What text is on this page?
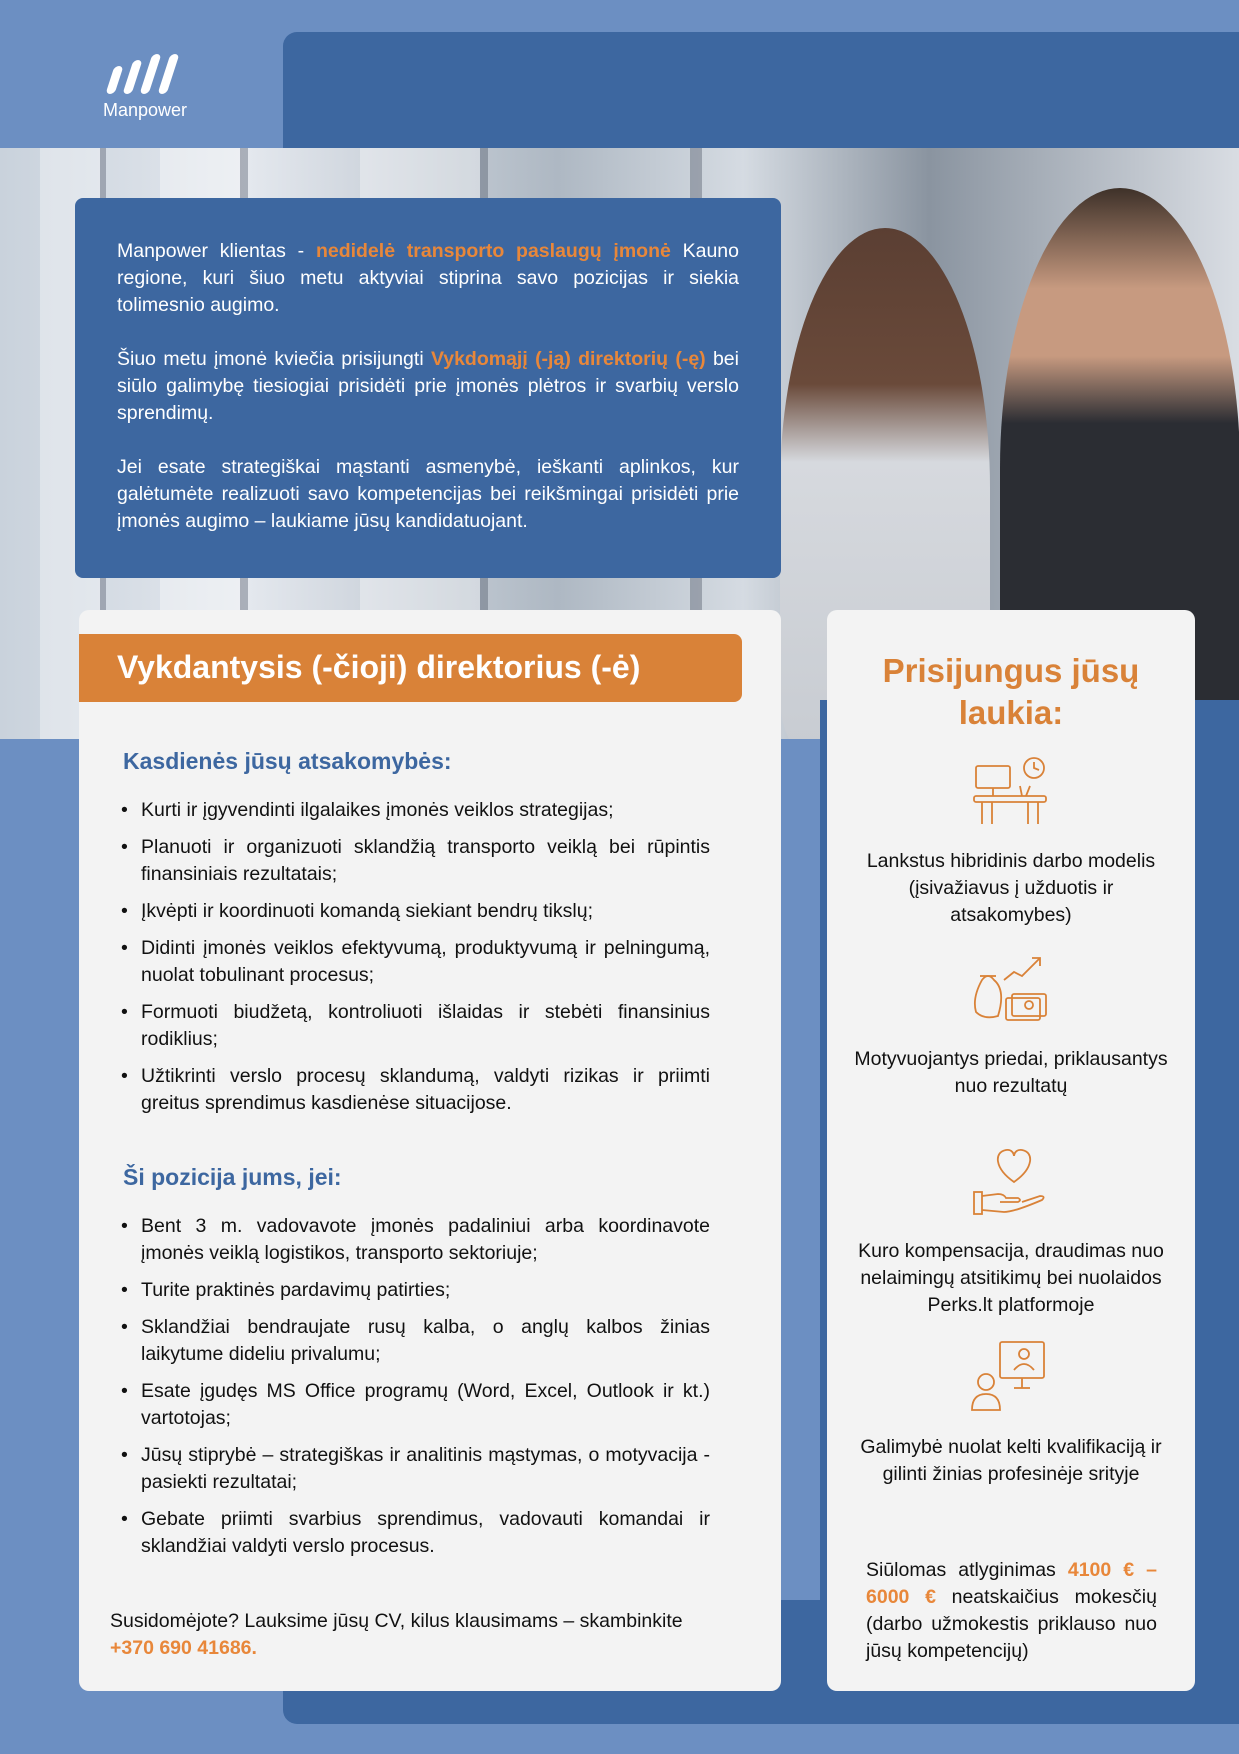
Manpower

Manpower klientas - nedidelė transporto paslaugų įmonė Kauno regione, kuri šiuo metu aktyviai stiprina savo pozicijas ir siekia tolimesnio augimo.

Šiuo metu įmonė kviečia prisijungti Vykdomąjį (-ją) direktorių (-ę) bei siūlo galimybę tiesiogiai prisidėti prie įmonės plėtros ir svarbių verslo sprendimų.

Jei esate strategiškai mąstanti asmenybė, ieškanti aplinkos, kur galėtumėte realizuoti savo kompetencijas bei reikšmingai prisidėti prie įmonės augimo – laukiame jūsų kandidatuojant.

Vykdantysis (-čioji) direktorius (-ė)
Kasdienės jūsų atsakomybės:
• Kurti ir įgyvendinti ilgalaikes įmonės veiklos strategijas;
• Planuoti ir organizuoti sklandžią transporto veiklą bei rūpintis finansiniais rezultatais;
• Įkvėpti ir koordinuoti komandą siekiant bendrų tikslų;
• Didinti įmonės veiklos efektyvumą, produktyvumą ir pelningumą, nuolat tobulinant procesus;
• Formuoti biudžetą, kontroliuoti išlaidas ir stebėti finansinius rodiklius;
• Užtikrinti verslo procesų sklandumą, valdyti rizikas ir priimti greitus sprendimus kasdienėse situacijose.
Ši pozicija jums, jei:
• Bent 3 m. vadovavote įmonės padaliniui arba koordinavote įmonės veiklą logistikos, transporto sektoriuje;
• Turite praktinės pardavimų patirties;
• Sklandžiai bendraujate rusų kalba, o anglų kalbos žinias laikytume dideliu privalumu;
• Esate įgudęs MS Office programų (Word, Excel, Outlook ir kt.) vartotojas;
• Jūsų stiprybė – strategiškas ir analitinis mąstymas, o motyvacija - pasiekti rezultatai;
• Gebate priimti svarbius sprendimus, vadovauti komandai ir sklandžiai valdyti verslo procesus.
Susidomėjote? Lauksime jūsų CV, kilus klausimams – skambinkite
+370 690 41686.
Prisijungus jūsų
laukia:
Lankstus hibridinis darbo modelis (įsivažiavus į užduotis ir atsakomybes)
Motyvuojantys priedai, priklausantys nuo rezultatų
Kuro kompensacija, draudimas nuo nelaimingų atsitikimų bei nuolaidos Perks.lt platformoje
Galimybė nuolat kelti kvalifikaciją ir gilinti žinias profesinėje srityje
Siūlomas atlyginimas 4100 € – 6000 € neatskaičius mokesčių (darbo užmokestis priklauso nuo jūsų kompetencijų)
